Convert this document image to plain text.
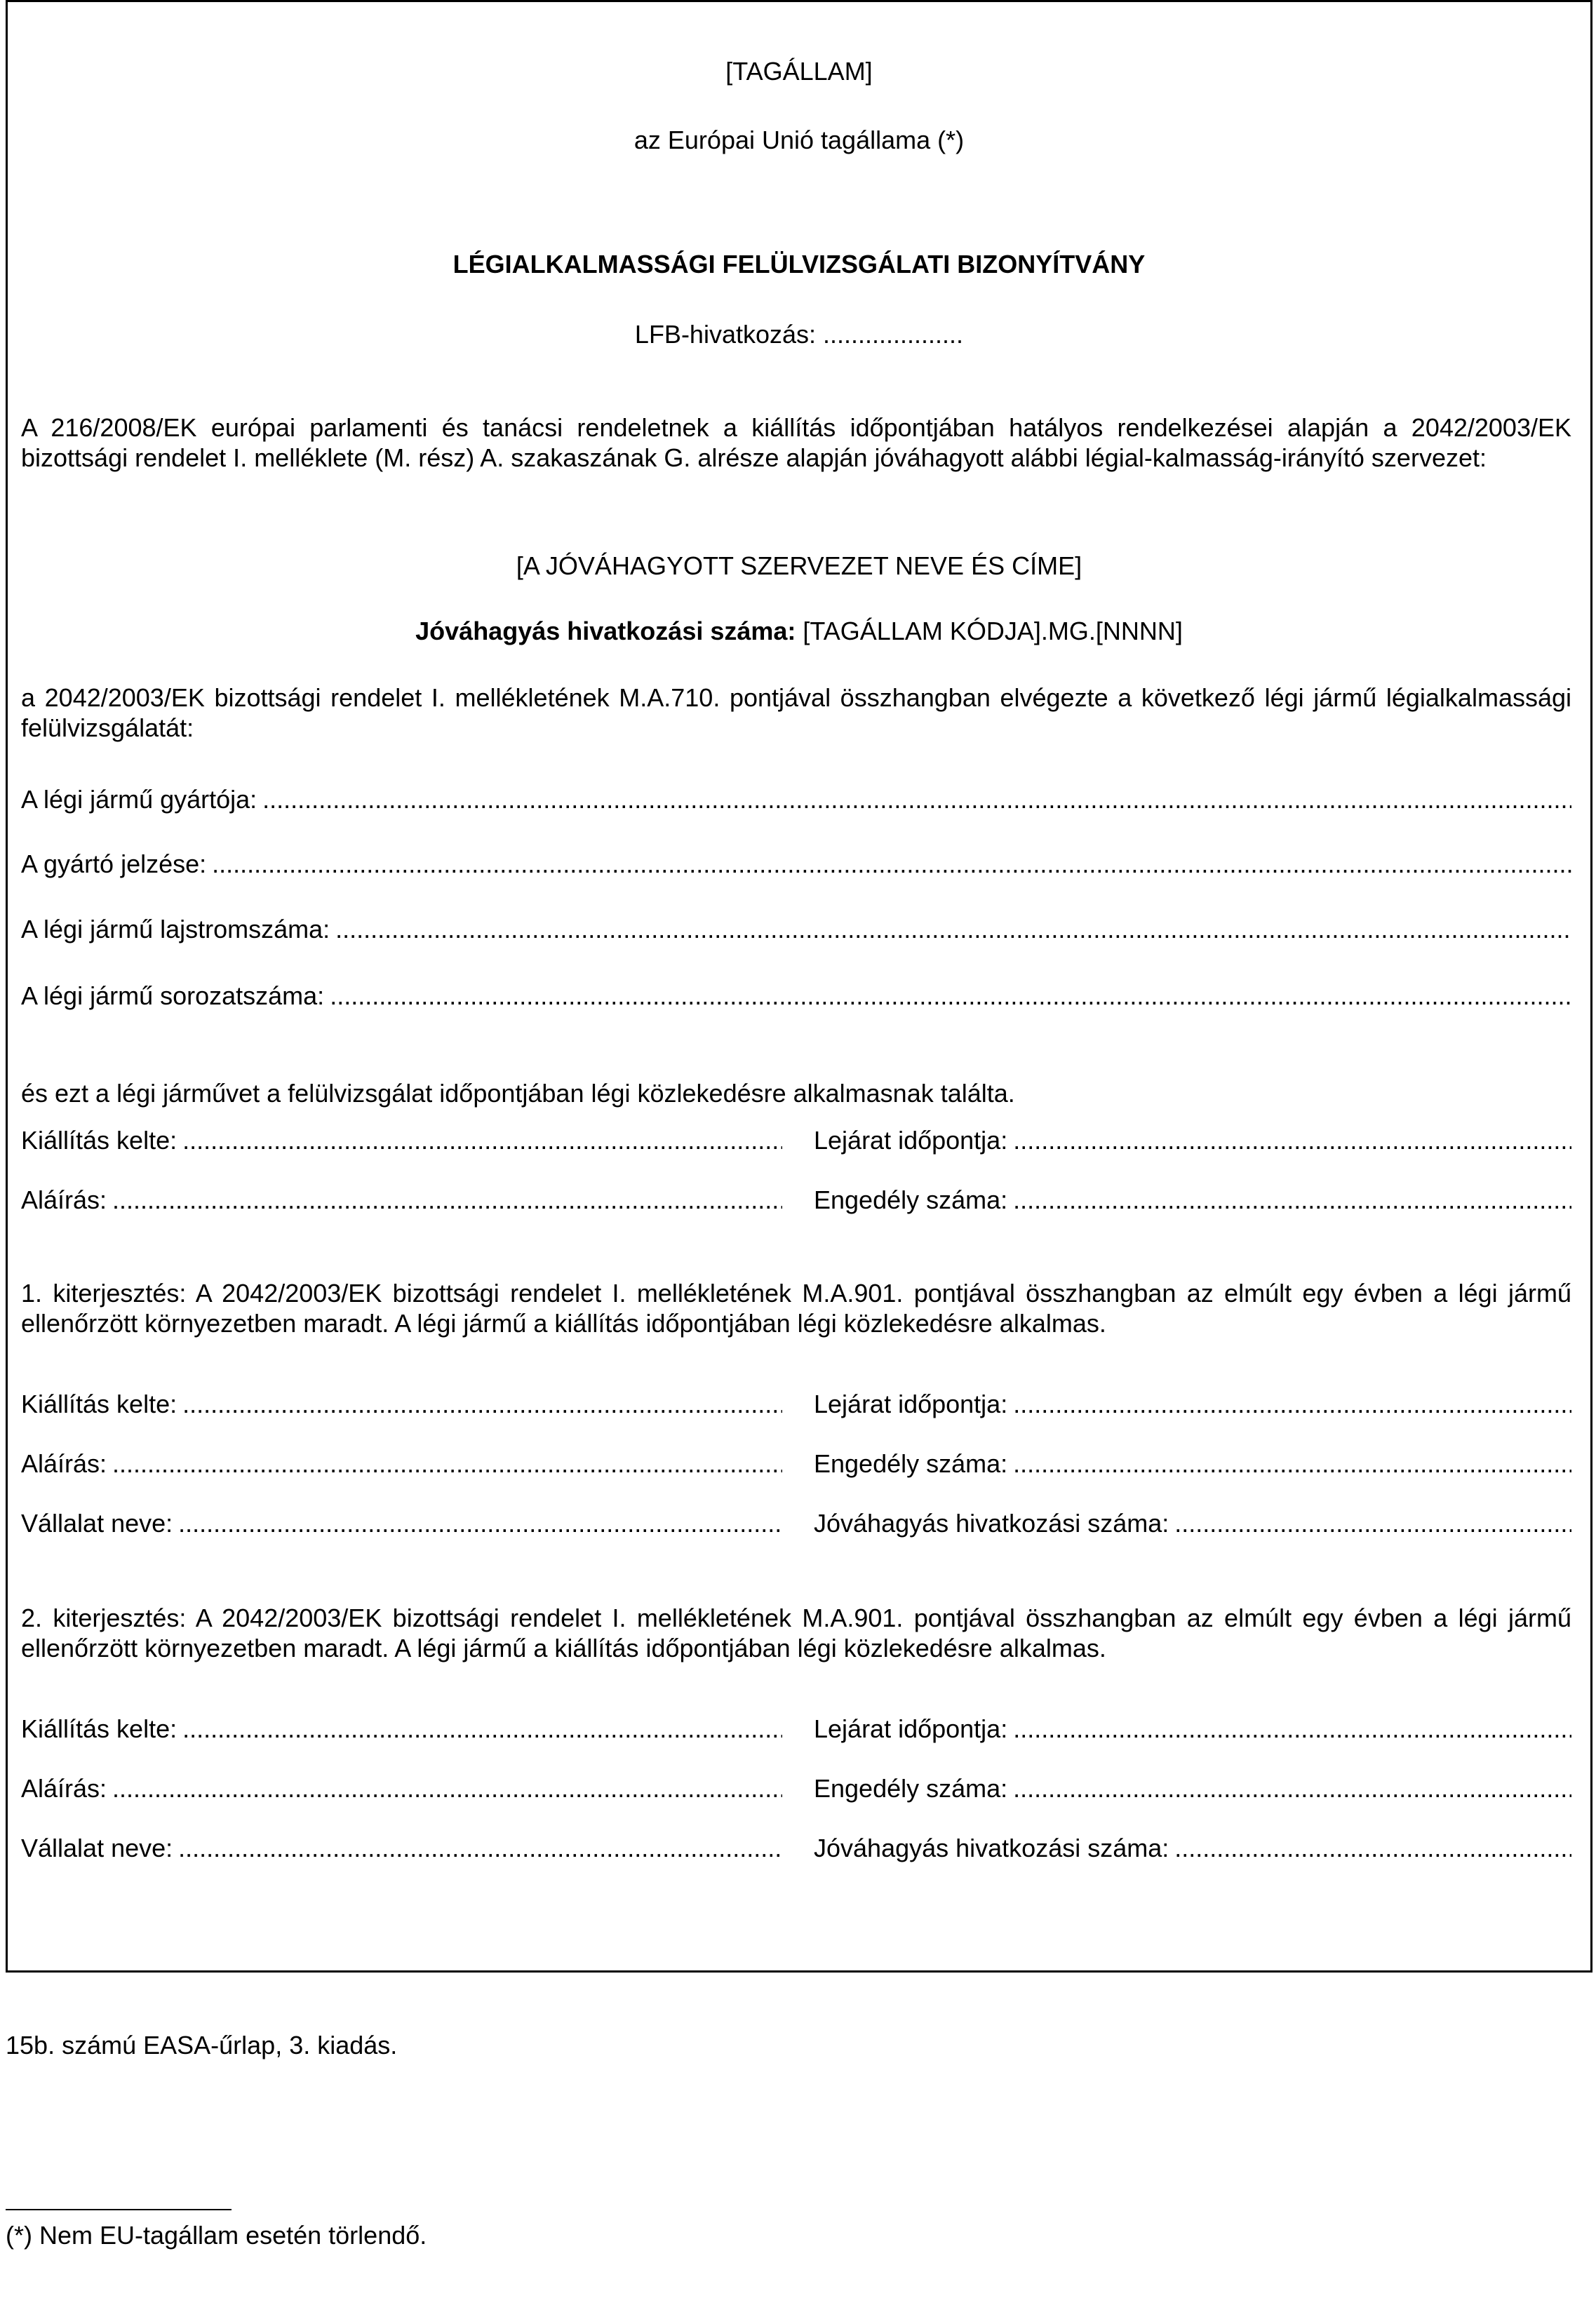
[TAGÁLLAM]
az Európai Unió tagállama (*)
LÉGIALKALMASSÁGI FELÜLVIZSGÁLATI BIZONYÍTVÁNY
LFB-hivatkozás: ....................
A 216/2008/EK európai parlamenti és tanácsi rendeletnek a kiállítás időpontjában hatályos rendelkezései alapján a 2042/2003/EK bizottsági rendelet I. melléklete (M. rész) A. szakaszának G. alrésze alapján jóváhagyott alábbi légial-kalmasság-irányító szervezet:
[A JÓVÁHAGYOTT SZERVEZET NEVE ÉS CÍME]
Jóváhagyás hivatkozási száma: [TAGÁLLAM KÓDJA].MG.[NNNN]
a 2042/2003/EK bizottsági rendelet I. mellékletének M.A.710. pontjával összhangban elvégezte a következő légi jármű légialkalmassági felülvizsgálatát:
A légi jármű gyártója:
.....
A gyártó jelzése:
.....
A légi jármű lajstromszáma:
.....
A légi jármű sorozatszáma:
.....
és ezt a légi járművet a felülvizsgálat időpontjában légi közlekedésre alkalmasnak találta.
Kiállítás kelte: .....	Lejárat időpontja:
.....
Aláírás: .....	Engedély száma:
.....
1. kiterjesztés: A 2042/2003/EK bizottsági rendelet I. mellékletének M.A.901. pontjával összhangban az elmúlt egy évben a légi jármű ellenőrzött környezetben maradt. A légi jármű a kiállítás időpontjában légi közlekedésre alkalmas.
Kiállítás kelte: .....	Lejárat időpontja:
.....
Aláírás: .....	Engedély száma:
.....
Vállalat neve: .....	Jóváhagyás hivatkozási száma:
.....
2. kiterjesztés: A 2042/2003/EK bizottsági rendelet I. mellékletének M.A.901. pontjával összhangban az elmúlt egy évben a légi jármű ellenőrzött környezetben maradt. A légi jármű a kiállítás időpontjában légi közlekedésre alkalmas.
Kiállítás kelte: .....	Lejárat időpontja:
.....
Aláírás: .....	Engedély száma:
.....
Vállalat neve: .....	Jóváhagyás hivatkozási száma:
.....
15b. számú EASA-űrlap, 3. kiadás.
(*) Nem EU-tagállam esetén törlendő.
